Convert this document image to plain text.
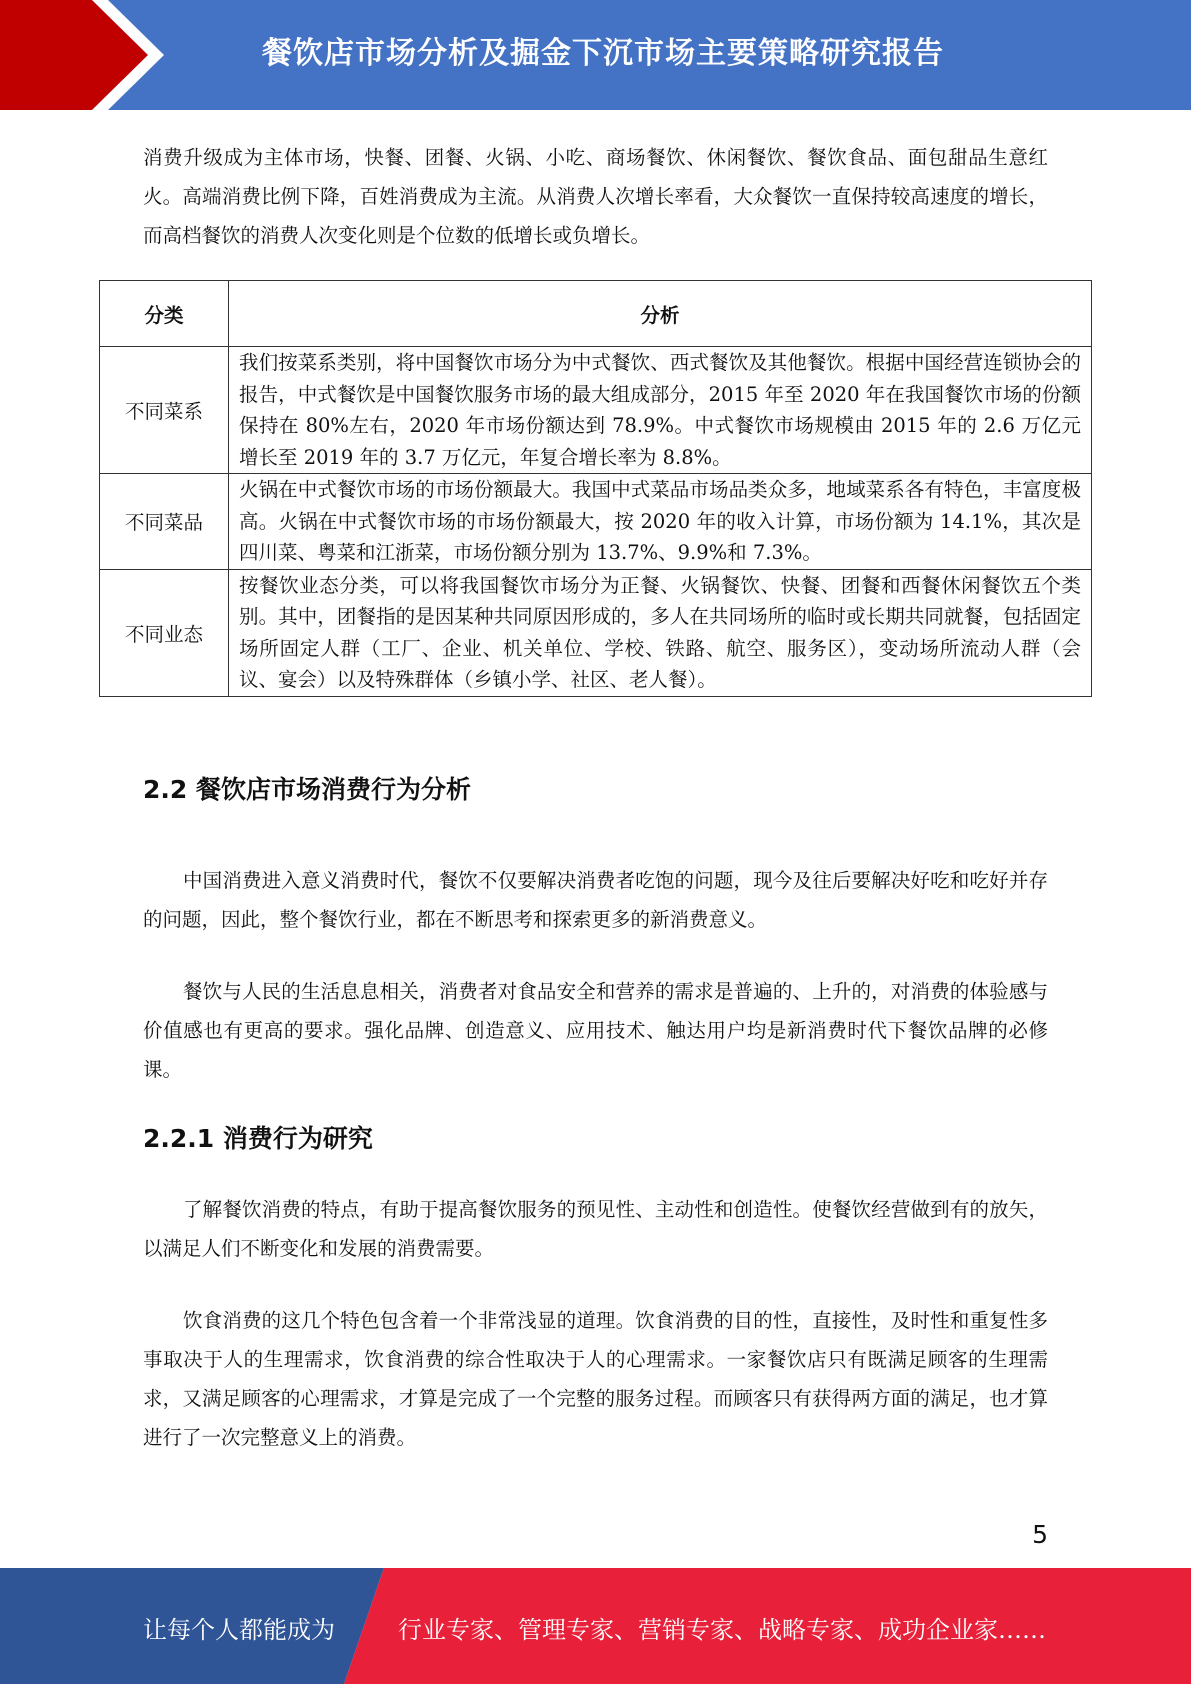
餐饮店市场分析及掘金下沉市场主要策略研究报告

消费升级成为主体市场，快餐、团餐、火锅、小吃、商场餐饮、休闲餐饮、餐饮食品、面包甜品生意红火。高端消费比例下降，百姓消费成为主流。从消费人次增长率看，大众餐饮一直保持较高速度的增长，而高档餐饮的消费人次变化则是个位数的低增长或负增长。

分类	分析
不同菜系	我们按菜系类别，将中国餐饮市场分为中式餐饮、西式餐饮及其他餐饮。根据中国经营连锁协会的报告，中式餐饮是中国餐饮服务市场的最大组成部分，2015 年至 2020 年在我国餐饮市场的份额保持在 80%左右，2020 年市场份额达到 78.9%。中式餐饮市场规模由 2015 年的 2.6 万亿元增长至 2019 年的 3.7 万亿元，年复合增长率为 8.8%。
不同菜品	火锅在中式餐饮市场的市场份额最大。我国中式菜品市场品类众多，地域菜系各有特色，丰富度极高。火锅在中式餐饮市场的市场份额最大，按 2020 年的收入计算，市场份额为 14.1%，其次是四川菜、粤菜和江浙菜，市场份额分别为 13.7%、9.9%和 7.3%。
不同业态	按餐饮业态分类，可以将我国餐饮市场分为正餐、火锅餐饮、快餐、团餐和西餐休闲餐饮五个类别。其中，团餐指的是因某种共同原因形成的，多人在共同场所的临时或长期共同就餐，包括固定场所固定人群（工厂、企业、机关单位、学校、铁路、航空、服务区），变动场所流动人群（会议、宴会）以及特殊群体（乡镇小学、社区、老人餐）。
2.2 餐饮店市场消费行为分析

中国消费进入意义消费时代，餐饮不仅要解决消费者吃饱的问题，现今及往后要解决好吃和吃好并存的问题，因此，整个餐饮行业，都在不断思考和探索更多的新消费意义。

餐饮与人民的生活息息相关，消费者对食品安全和营养的需求是普遍的、上升的，对消费的体验感与价值感也有更高的要求。强化品牌、创造意义、应用技术、触达用户均是新消费时代下餐饮品牌的必修课。

2.2.1 消费行为研究

了解餐饮消费的特点，有助于提高餐饮服务的预见性、主动性和创造性。使餐饮经营做到有的放矢，以满足人们不断变化和发展的消费需要。

饮食消费的这几个特色包含着一个非常浅显的道理。饮食消费的目的性，直接性，及时性和重复性多事取决于人的生理需求，饮食消费的综合性取决于人的心理需求。一家餐饮店只有既满足顾客的生理需求，又满足顾客的心理需求，才算是完成了一个完整的服务过程。而顾客只有获得两方面的满足，也才算进行了一次完整意义上的消费。

5
让每个人都能成为	行业专家、管理专家、营销专家、战略专家、成功企业家……
